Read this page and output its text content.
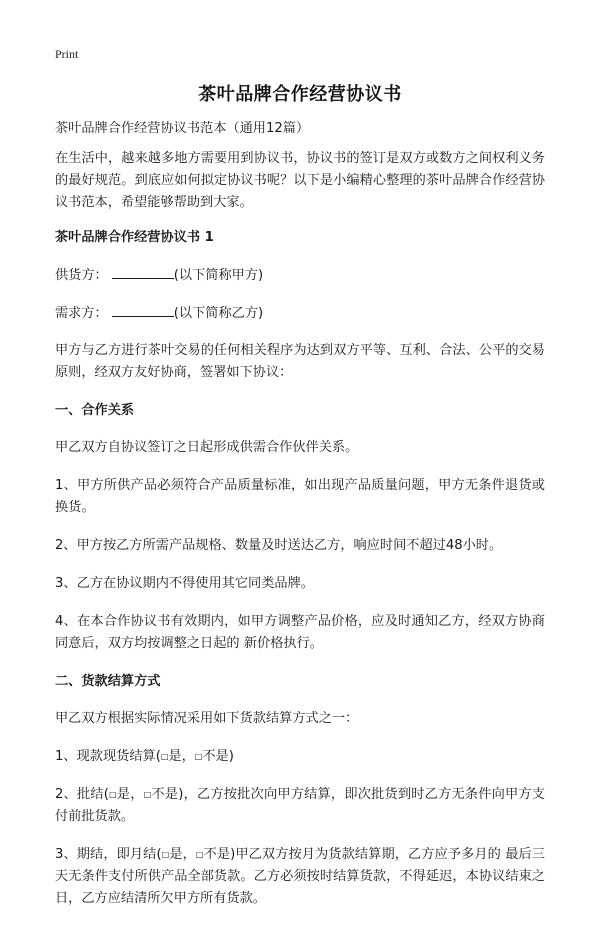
Print
茶叶品牌合作经营协议书

茶叶品牌合作经营协议书范本（通用12篇）

在生活中，越来越多地方需要用到协议书，协议书的签订是双方或数方之间权利义务的最好规范。到底应如何拟定协议书呢？以下是小编精心整理的茶叶品牌合作经营协议书范本，希望能够帮助到大家。

茶叶品牌合作经营协议书 1

供货方：	(以下简称甲方)

需求方：	(以下简称乙方)

甲方与乙方进行茶叶交易的任何相关程序为达到双方平等、互利、合法、公平的交易原则，经双方友好协商，签署如下协议：

一、合作关系

甲乙双方自协议签订之日起形成供需合作伙伴关系。

1、甲方所供产品必须符合产品质量标准，如出现产品质量问题，甲方无条件退货或换货。

2、甲方按乙方所需产品规格、数量及时送达乙方，响应时间不超过48小时。

3、乙方在协议期内不得使用其它同类品牌。

4、在本合作协议书有效期内，如甲方调整产品价格，应及时通知乙方，经双方协商同意后，双方均按调整之日起的 新价格执行。

二、货款结算方式

甲乙双方根据实际情况采用如下货款结算方式之一：

1、现款现货结算(□是，□不是)

2、批结(□是，□不是)，乙方按批次向甲方结算，即次批货到时乙方无条件向甲方支付前批货款。

3、期结，即月结(□是，□不是)甲乙双方按月为货款结算期，乙方应予多月的 最后三天无条件支付所供产品全部货款。乙方必须按时结算货款，不得延迟，本协议结束之日，乙方应结清所欠甲方所有货款。
